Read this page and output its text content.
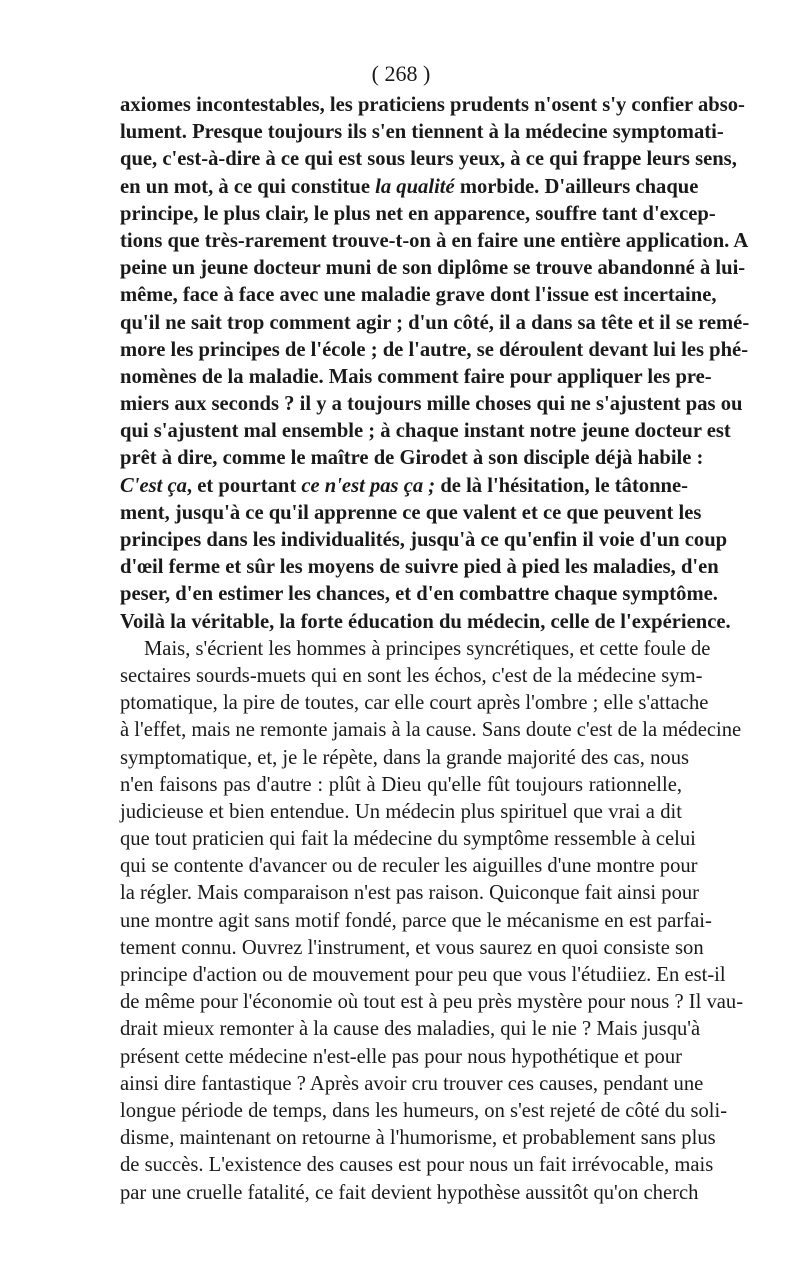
( 268 )
axiomes incontestables, les praticiens prudents n'osent s'y confier abso-
lument. Presque toujours ils s'en tiennent à la médecine symptomati-
que, c'est-à-dire à ce qui est sous leurs yeux, à ce qui frappe leurs sens,
en un mot, à ce qui constitue la qualité morbide. D'ailleurs chaque
principe, le plus clair, le plus net en apparence, souffre tant d'excep-
tions que très-rarement trouve-t-on à en faire une entière application. A
peine un jeune docteur muni de son diplôme se trouve abandonné à lui-
même, face à face avec une maladie grave dont l'issue est incertaine,
qu'il ne sait trop comment agir ; d'un côté, il a dans sa tête et il se remé-
more les principes de l'école ; de l'autre, se déroulent devant lui les phé-
nomènes de la maladie. Mais comment faire pour appliquer les pre-
miers aux seconds ? il y a toujours mille choses qui ne s'ajustent pas ou
qui s'ajustent mal ensemble ; à chaque instant notre jeune docteur est
prêt à dire, comme le maître de Girodet à son disciple déjà habile :
C'est ça, et pourtant ce n'est pas ça ; de là l'hésitation, le tâtonne-
ment, jusqu'à ce qu'il apprenne ce que valent et ce que peuvent les
principes dans les individualités, jusqu'à ce qu'enfin il voie d'un coup
d'œil ferme et sûr les moyens de suivre pied à pied les maladies, d'en
peser, d'en estimer les chances, et d'en combattre chaque symptôme.
Voilà la véritable, la forte éducation du médecin, celle de l'expérience.
Mais, s'écrient les hommes à principes syncrétiques, et cette foule de
sectaires sourds-muets qui en sont les échos, c'est de la médecine sym-
ptomatique, la pire de toutes, car elle court après l'ombre ; elle s'attache
à l'effet, mais ne remonte jamais à la cause. Sans doute c'est de la médecine
symptomatique, et, je le répète, dans la grande majorité des cas, nous
n'en faisons pas d'autre : plût à Dieu qu'elle fût toujours rationnelle,
judicieuse et bien entendue. Un médecin plus spirituel que vrai a dit
que tout praticien qui fait la médecine du symptôme ressemble à celui
qui se contente d'avancer ou de reculer les aiguilles d'une montre pour
la régler. Mais comparaison n'est pas raison. Quiconque fait ainsi pour
une montre agit sans motif fondé, parce que le mécanisme en est parfai-
tement connu. Ouvrez l'instrument, et vous saurez en quoi consiste son
principe d'action ou de mouvement pour peu que vous l'étudiiez. En est-il
de même pour l'économie où tout est à peu près mystère pour nous ? Il vau-
drait mieux remonter à la cause des maladies, qui le nie ? Mais jusqu'à
présent cette médecine n'est-elle pas pour nous hypothétique et pour
ainsi dire fantastique ? Après avoir cru trouver ces causes, pendant une
longue période de temps, dans les humeurs, on s'est rejeté de côté du soli-
disme, maintenant on retourne à l'humorisme, et probablement sans plus
de succès. L'existence des causes est pour nous un fait irrévocable, mais
par une cruelle fatalité, ce fait devient hypothèse aussitôt qu'on cherch
